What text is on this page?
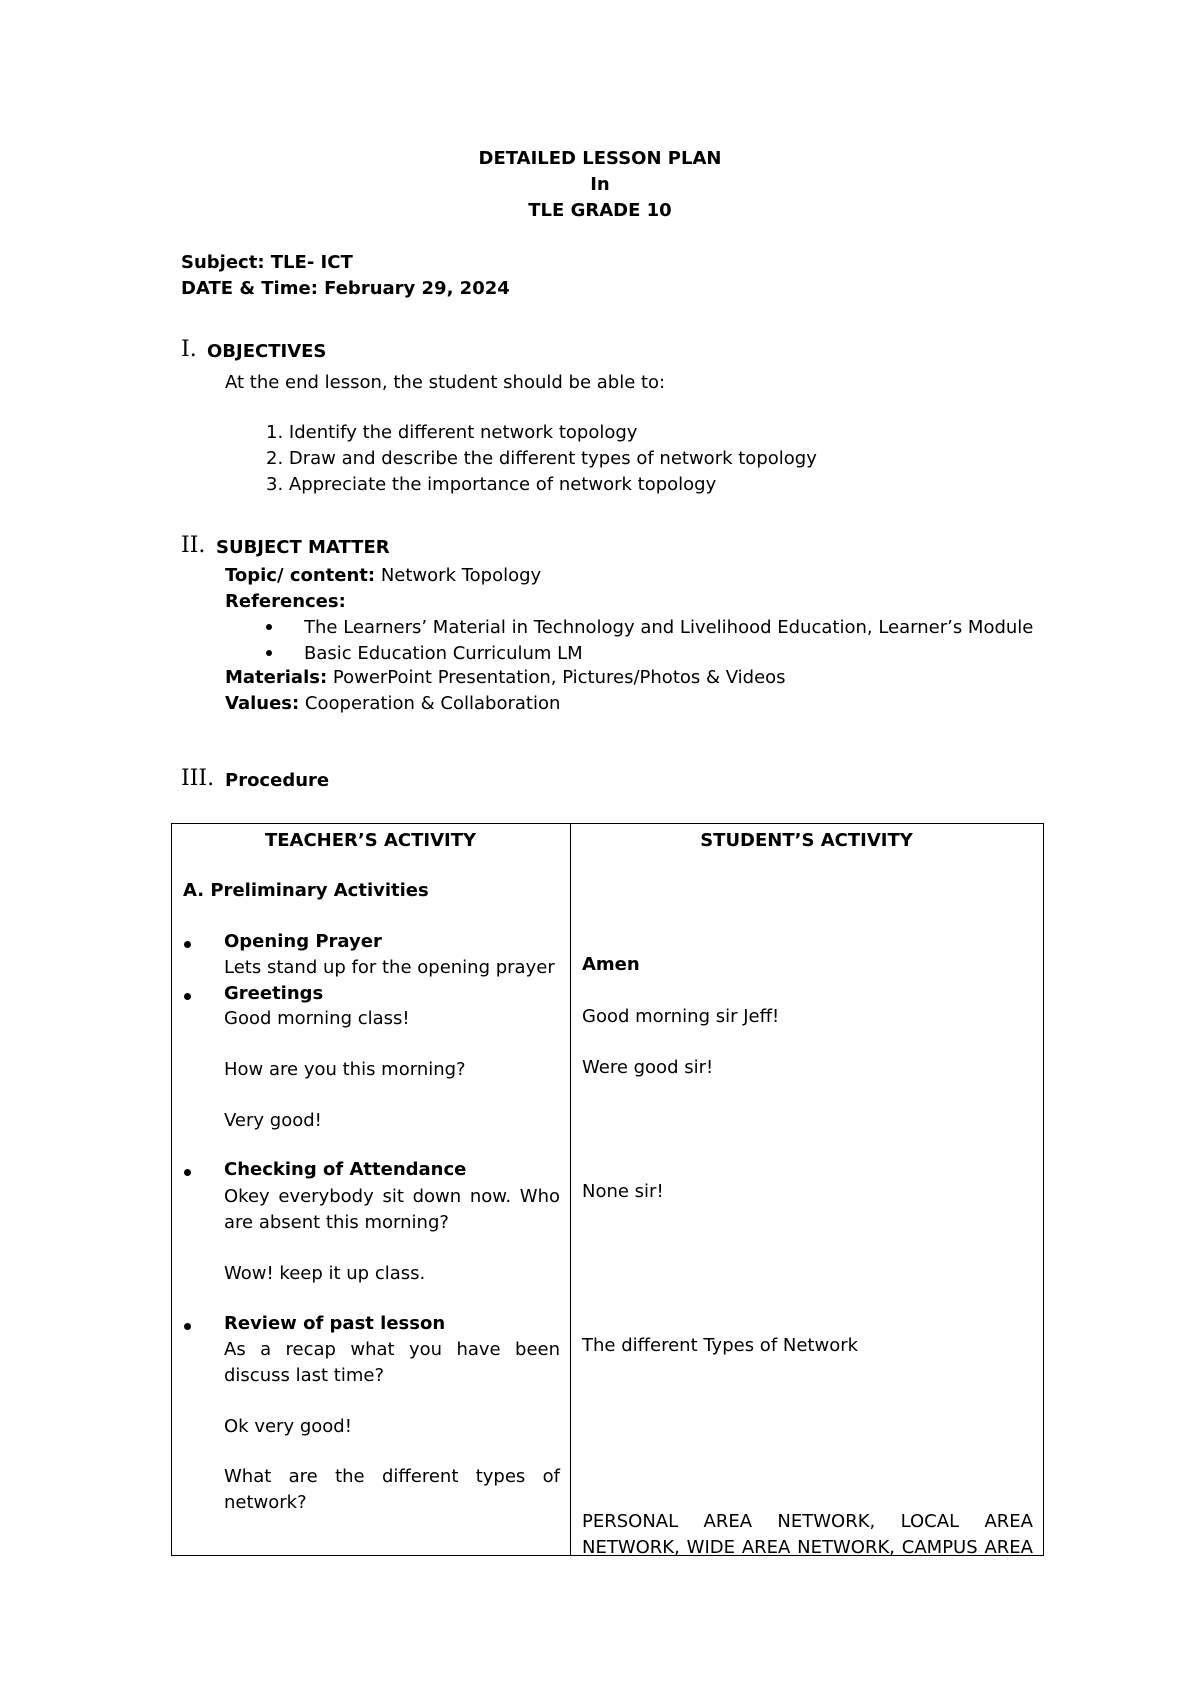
DETAILED LESSON PLAN
In
TLE GRADE 10
Subject: TLE- ICT
DATE & Time: February 29, 2024
I. OBJECTIVES
At the end lesson, the student should be able to:
1. Identify the different network topology
2. Draw and describe the different types of network topology
3. Appreciate the importance of network topology
II. SUBJECT MATTER
Topic/ content: Network Topology
References:
The Learners’ Material in Technology and Livelihood Education, Learner’s Module
Basic Education Curriculum LM
Materials: PowerPoint Presentation, Pictures/Photos & Videos
Values: Cooperation & Collaboration
III. Procedure
TEACHER’S ACTIVITY	STUDENT’S ACTIVITY
A. Preliminary Activities
Opening Prayer
Lets stand up for the opening prayer
Greetings
Good morning class!
How are you this morning?
Very good!
Checking of Attendance
Okey everybody sit down now. Who
are absent this morning?
Wow! keep it up class.
Review of past lesson
As a recap what you have been
discuss last time?
Ok very good!
What are the different types of
network?
Amen
Good morning sir Jeff!
Were good sir!
None sir!
The different Types of Network
PERSONAL AREA NETWORK, LOCAL AREA
NETWORK, WIDE AREA NETWORK, CAMPUS AREA
